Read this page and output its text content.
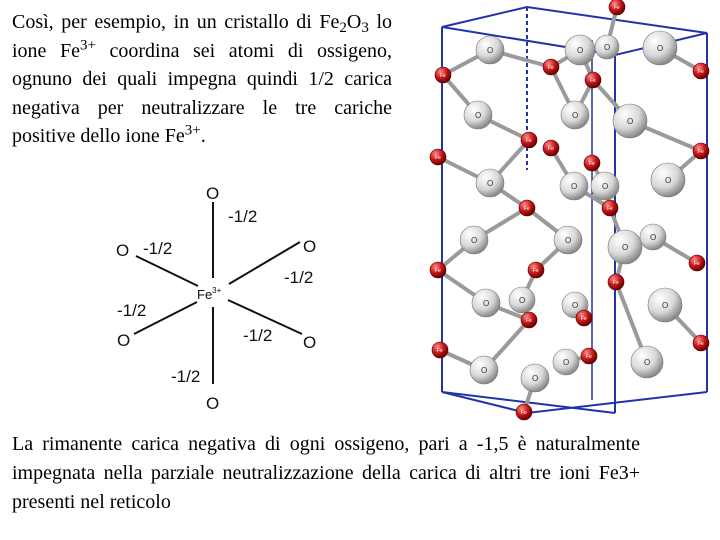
Così, per esempio, in un cristallo di $Fe_2O_3$ lo ione $Fe^{3+}$ coordina sei atomi di ossigeno, ognuno dei quali impegna quindi 1/2 carica negativa per neutralizzare le tre cariche positive dello ione $Fe^{3+}$.
O
O	O
O	O
O
$Fe^{3+}$
-1/2
-1/2
-1/2
-1/2
-1/2
-1/2
O	O	O	O
O	O
O
O	O	O
O
O	O
O
O
O	O
O	O
O
O
O	O
Fe
Fe
Fe
Fe
Fe
Fe
Fe
Fe
Fe
Fe
Fe	Fe
Fe	Fe
Fe
Fe
Fe	Fe
Fe
Fe
Fe
Fe
La rimanente carica negativa di ogni ossigeno, pari a -1,5 è naturalmente impegnata nella parziale neutralizzazione della carica di altri tre ioni Fe3+ presenti nel reticolo
